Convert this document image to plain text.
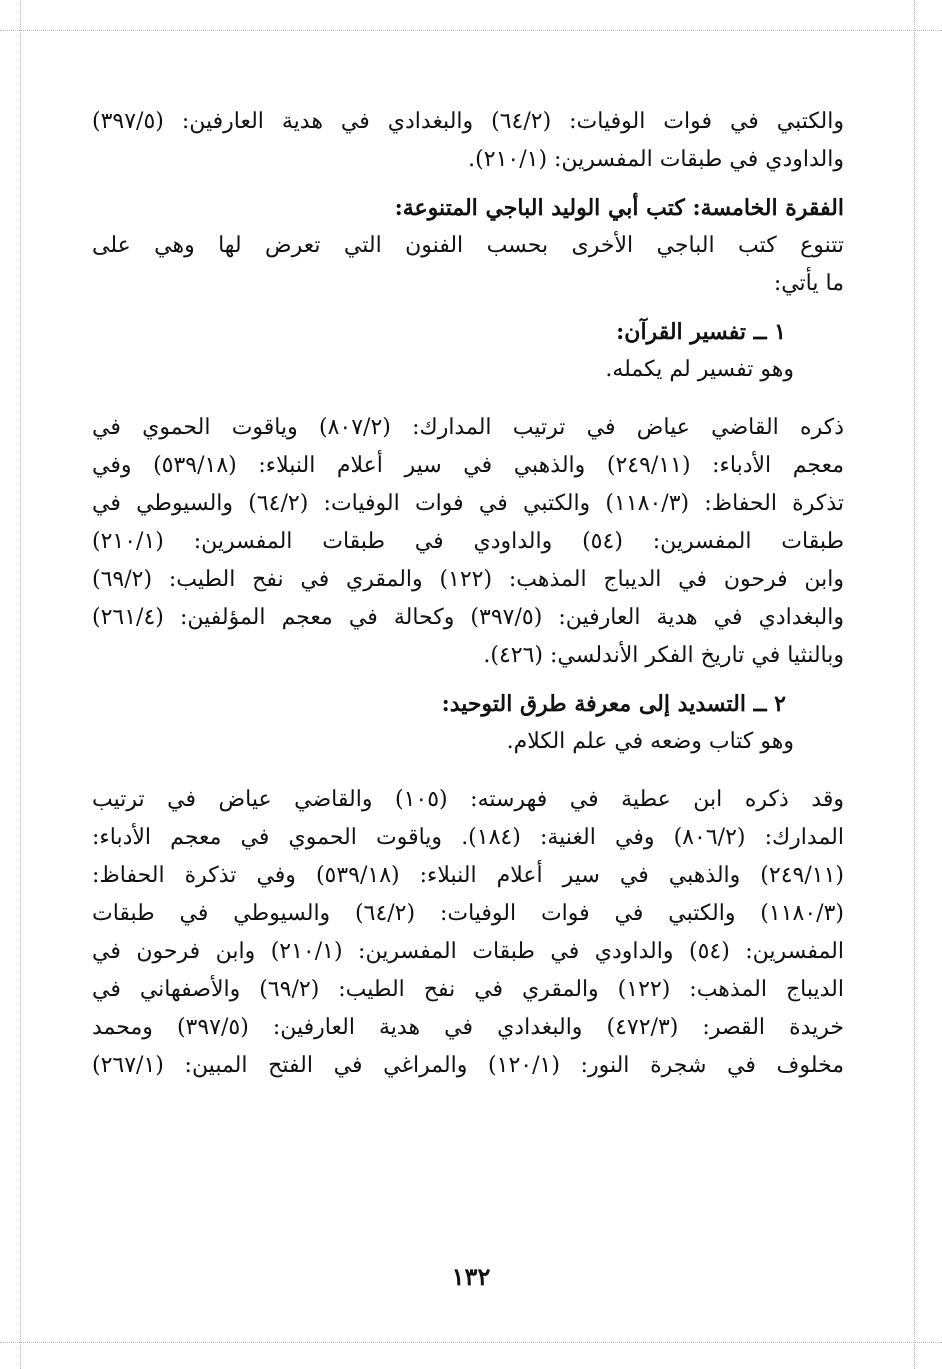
والكتبي في فوات الوفيات: (٦٤/٢) والبغدادي في هدية العارفين: (٣٩٧/٥)
والداودي في طبقات المفسرين: (٢١٠/١).
الفقرة الخامسة: كتب أبي الوليد الباجي المتنوعة:
تتنوع كتب الباجي الأخرى بحسب الفنون التي تعرض لها وهي على
ما يأتي:
١ ــ تفسير القرآن:
وهو تفسير لم يكمله.
ذكره القاضي عياض في ترتيب المدارك: (٨٠٧/٢) وياقوت الحموي في
معجم الأدباء: (٢٤٩/١١) والذهبي في سير أعلام النبلاء: (٥٣٩/١٨) وفي
تذكرة الحفاظ: (١١٨٠/٣) والكتبي في فوات الوفيات: (٦٤/٢) والسيوطي في
طبقات المفسرين: (٥٤) والداودي في طبقات المفسرين: (٢١٠/١)
وابن فرحون في الديباج المذهب: (١٢٢) والمقري في نفح الطيب: (٦٩/٢)
والبغدادي في هدية العارفين: (٣٩٧/٥) وكحالة في معجم المؤلفين: (٢٦١/٤)
وبالنثيا في تاريخ الفكر الأندلسي: (٤٢٦).
٢ ــ التسديد إلى معرفة طرق التوحيد:
وهو كتاب وضعه في علم الكلام.
وقد ذكره ابن عطية في فهرسته: (١٠٥) والقاضي عياض في ترتيب
المدارك: (٨٠٦/٢) وفي الغنية: (١٨٤). وياقوت الحموي في معجم الأدباء:
(٢٤٩/١١) والذهبي في سير أعلام النبلاء: (٥٣٩/١٨) وفي تذكرة الحفاظ:
(١١٨٠/٣) والكتبي في فوات الوفيات: (٦٤/٢) والسيوطي في طبقات
المفسرين: (٥٤) والداودي في طبقات المفسرين: (٢١٠/١) وابن فرحون في
الديباج المذهب: (١٢٢) والمقري في نفح الطيب: (٦٩/٢) والأصفهاني في
خريدة القصر: (٤٧٢/٣) والبغدادي في هدية العارفين: (٣٩٧/٥) ومحمد
مخلوف في شجرة النور: (١٢٠/١) والمراغي في الفتح المبين: (٢٦٧/١)
١٣٢
